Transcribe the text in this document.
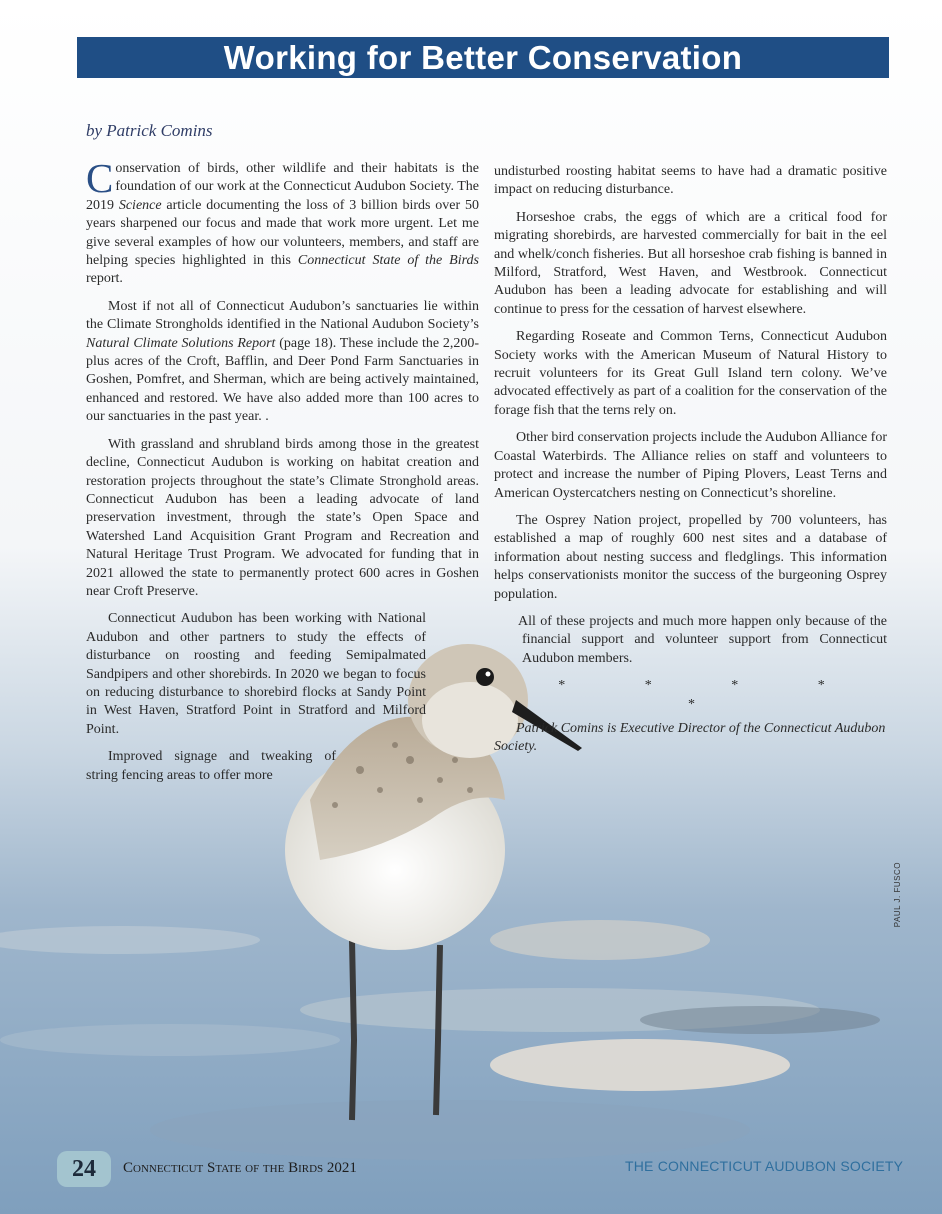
Working for Better Conservation

by Patrick Comins

Conservation of birds, other wildlife and their habitats is the foundation of our work at the Connecticut Audubon Society. The 2019 Science article documenting the loss of 3 billion birds over 50 years sharpened our focus and made that work more urgent. Let me give several examples of how our volunteers, members, and staff are helping species highlighted in this Connecticut State of the Birds report.

Most if not all of Connecticut Audubon’s sanctuaries lie within the Climate Strongholds identified in the National Audubon Society’s Natural Climate Solutions Report (page 18). These include the 2,200-plus acres of the Croft, Bafflin, and Deer Pond Farm Sanctuaries in Goshen, Pomfret, and Sherman, which are being actively maintained, enhanced and restored. We have also added more than 100 acres to our sanctuaries in the past year. .

With grassland and shrubland birds among those in the greatest decline, Connecticut Audubon is working on habitat creation and restoration projects throughout the state’s Climate Stronghold areas. Connecticut Audubon has been a leading advocate of land preservation investment, through the state’s Open Space and Watershed Land Acquisition Grant Program and Recreation and Natural Heritage Trust Program. We advocated for funding that in 2021 allowed the state to permanently protect 600 acres in Goshen near Croft Preserve.

Connecticut Audubon has been working with National Audubon and other partners to study the effects of disturbance on roosting and feeding Semipalmated Sandpipers and other shorebirds. In 2020 we began to focus on reducing disturbance to shorebird flocks at Sandy Point in West Haven, Stratford Point in Stratford and Milford Point.

Improved signage and tweaking of string fencing areas to offer more

undisturbed roosting habitat seems to have had a dramatic positive impact on reducing disturbance.

Horseshoe crabs, the eggs of which are a critical food for migrating shorebirds, are harvested commercially for bait in the eel and whelk/conch fisheries. But all horseshoe crab fishing is banned in Milford, Stratford, West Haven, and Westbrook. Connecticut Audubon has been a leading advocate for establishing and will continue to press for the cessation of harvest elsewhere.

Regarding Roseate and Common Terns, Connecticut Audubon Society works with the American Museum of Natural History to recruit volunteers for its Great Gull Island tern colony. We’ve advocated effectively as part of a coalition for the conservation of the forage fish that the terns rely on.

Other bird conservation projects include the Audubon Alliance for Coastal Waterbirds. The Alliance relies on staff and volunteers to protect and increase the number of Piping Plovers, Least Terns and American Oystercatchers nesting on Connecticut’s shoreline.

The Osprey Nation project, propelled by 700 volunteers, has established a map of roughly 600 nest sites and a database of information about nesting success and fledglings. This information helps conservationists monitor the success of the burgeoning Osprey population.

All of these projects and much more happen only because of the financial support and volunteer support from Connecticut Audubon members.

* * * * *

Patrick Comins is Executive Director of the Connecticut Audubon Society.

PAUL J. FUSCO
24	Connecticut State of the Birds 2021	THE CONNECTICUT AUDUBON SOCIETY
